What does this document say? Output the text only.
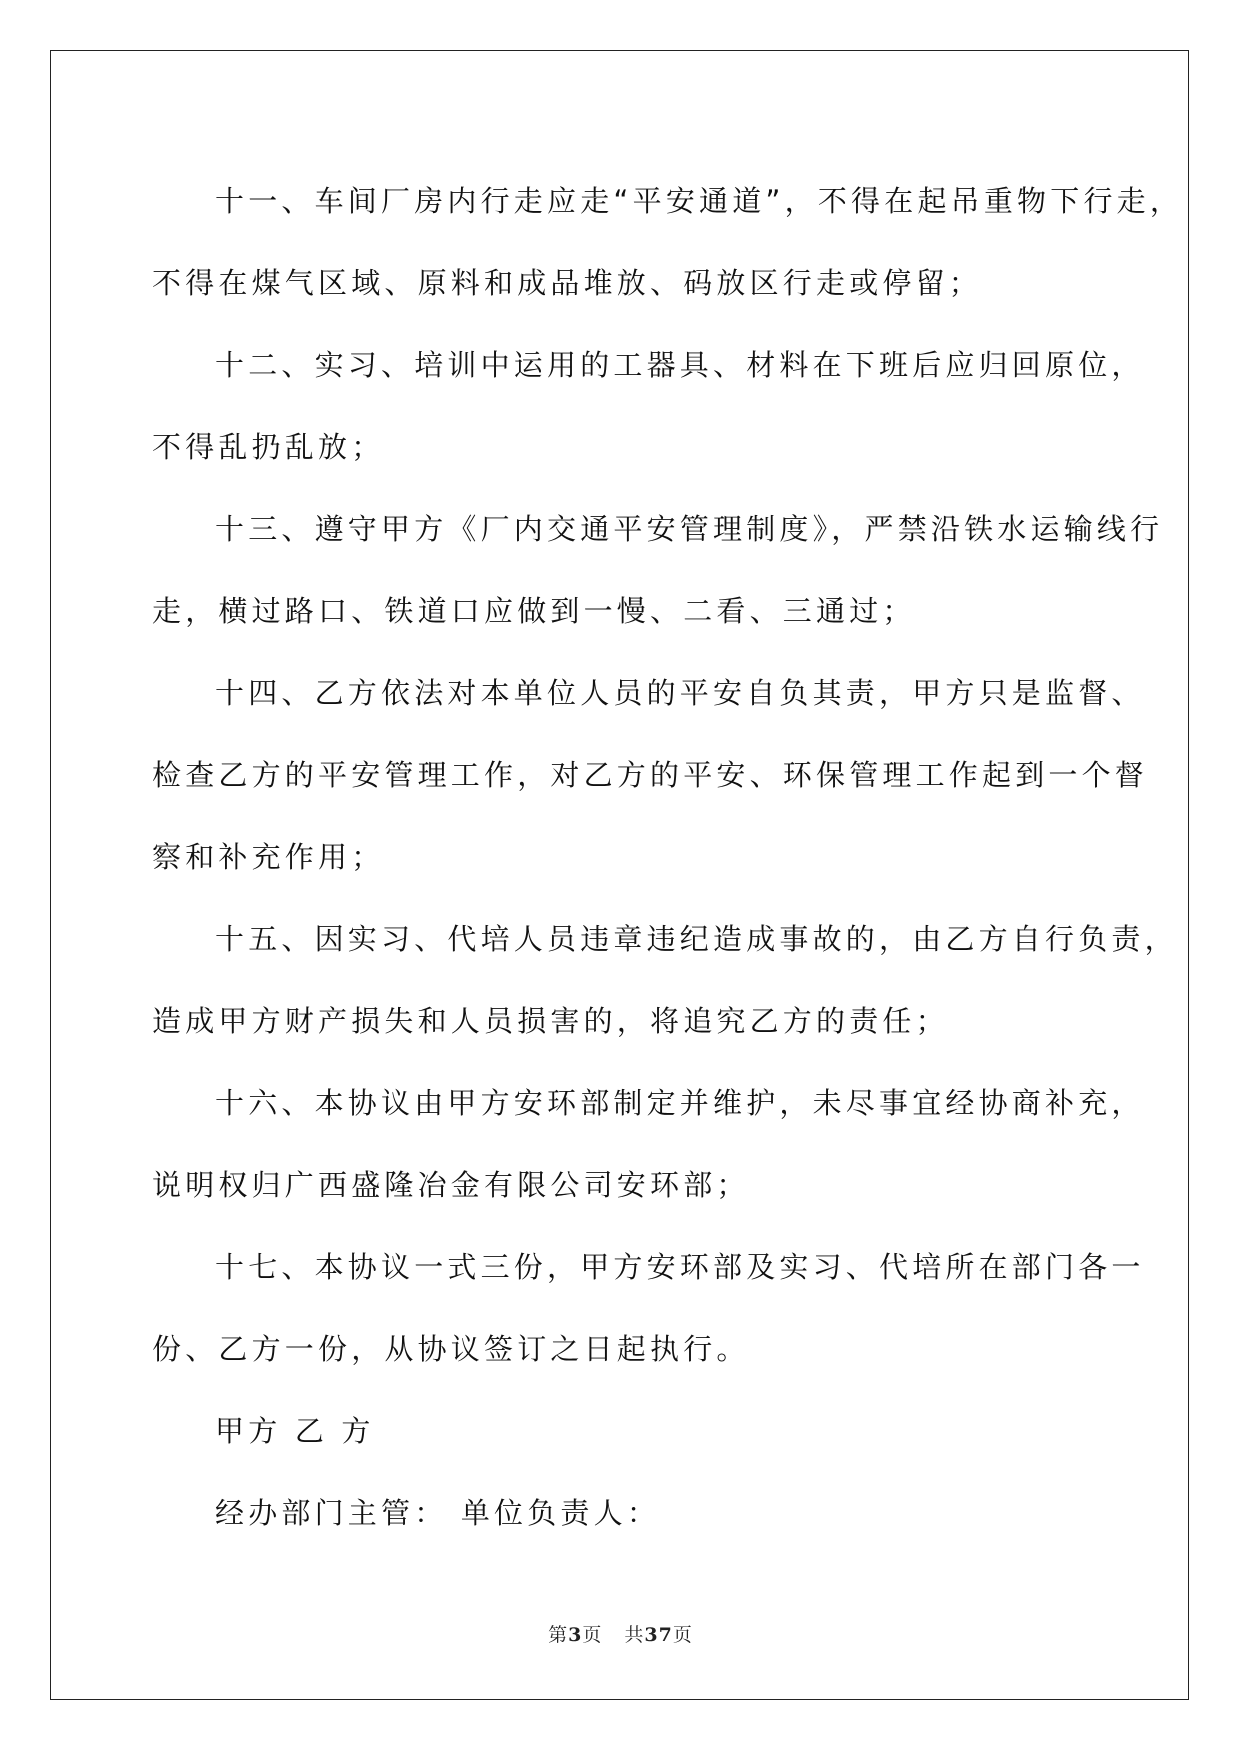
十一、车间厂房内行走应走“平安通道”，不得在起吊重物下行走，
不得在煤气区域、原料和成品堆放、码放区行走或停留；
十二、实习、培训中运用的工器具、材料在下班后应归回原位，
不得乱扔乱放；
十三、遵守甲方《厂内交通平安管理制度》，严禁沿铁水运输线行
走，横过路口、铁道口应做到一慢、二看、三通过；
十四、乙方依法对本单位人员的平安自负其责，甲方只是监督、
检查乙方的平安管理工作，对乙方的平安、环保管理工作起到一个督
察和补充作用；
十五、因实习、代培人员违章违纪造成事故的，由乙方自行负责，
造成甲方财产损失和人员损害的，将追究乙方的责任；
十六、本协议由甲方安环部制定并维护，未尽事宜经协商补充，
说明权归广西盛隆冶金有限公司安环部；
十七、本协议一式三份，甲方安环部及实习、代培所在部门各一
份、乙方一份，从协议签订之日起执行。
甲方 乙 方
经办部门主管： 单位负责人：
第3页 共37页
